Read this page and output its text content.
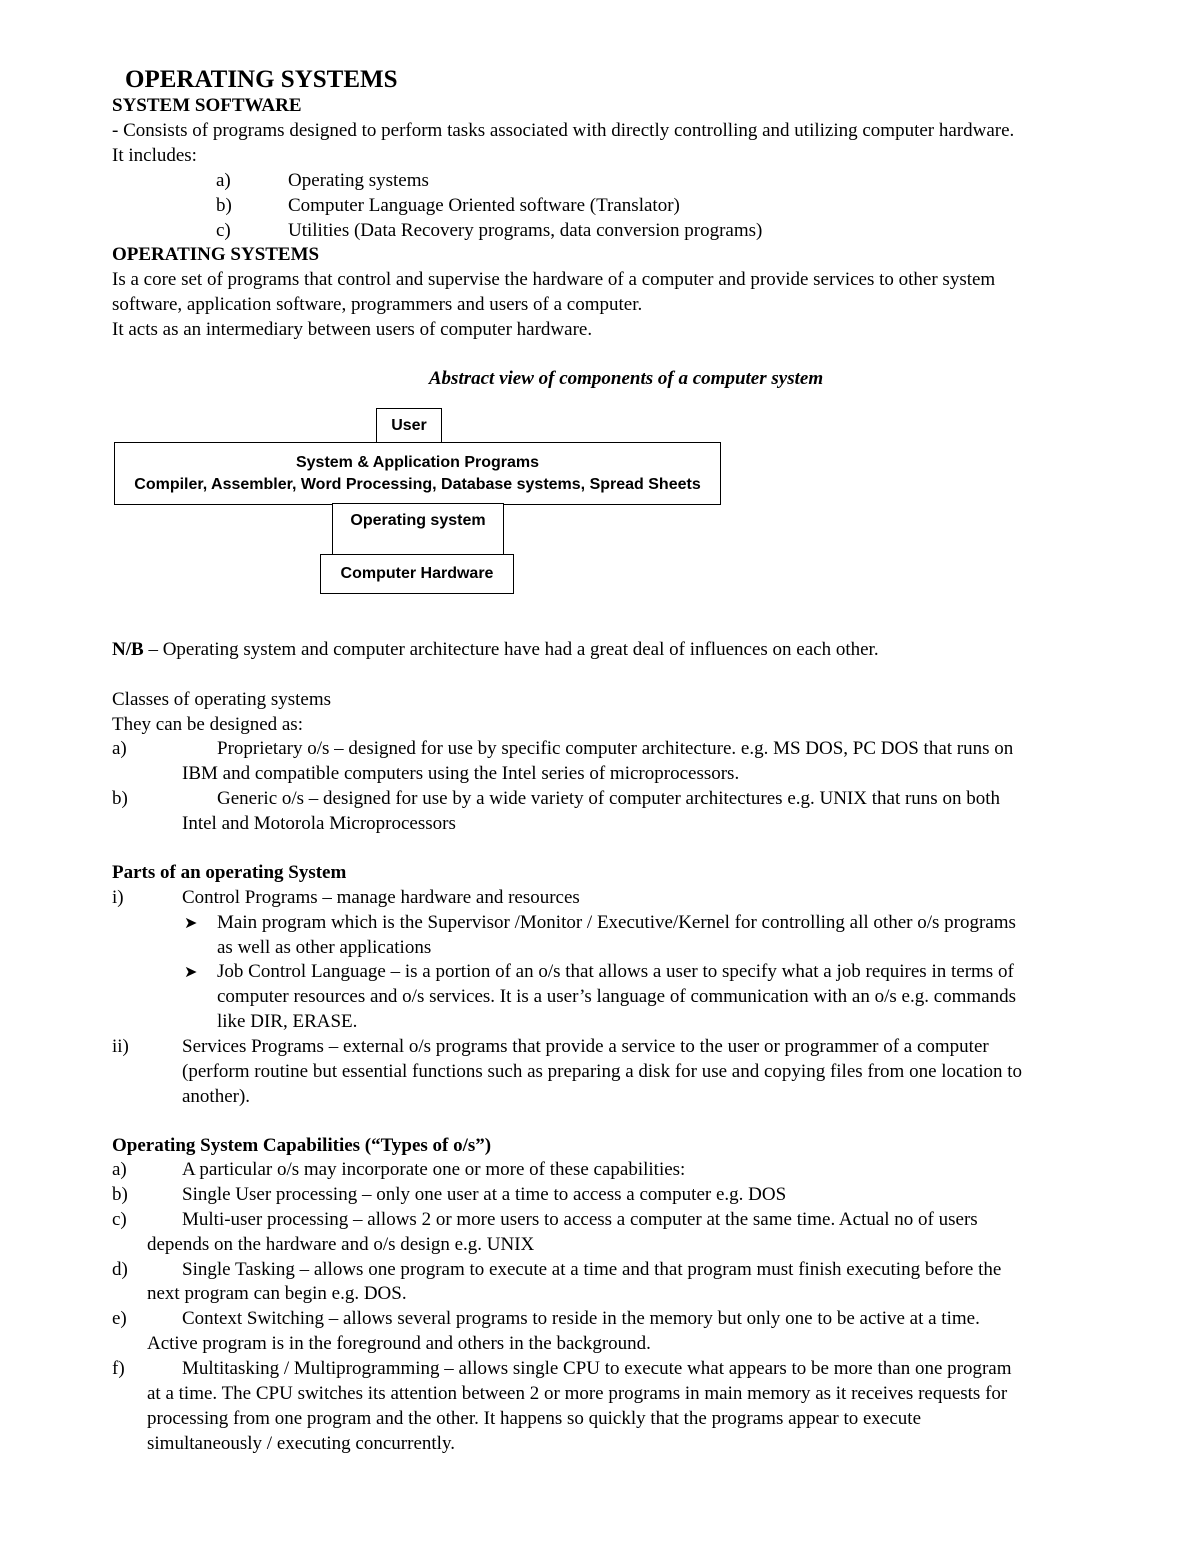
OPERATING SYSTEMS
SYSTEM SOFTWARE
- Consists of programs designed to perform tasks associated with directly controlling and utilizing computer hardware.
It includes:
a)	Operating systems
b)	Computer Language Oriented software (Translator)
c)	Utilities (Data Recovery programs, data conversion programs)
OPERATING SYSTEMS
Is a core set of programs that control and supervise the hardware of a computer and provide services to other system
software, application software, programmers and users of a computer.
It acts as an intermediary between users of computer hardware.
Abstract view of components of a computer system
User
System & Application Programs
Compiler, Assembler, Word Processing, Database systems, Spread Sheets
Operating system
Computer Hardware
N/B – Operating system and computer architecture have had a great deal of influences on each other.
Classes of operating systems
They can be designed as:
a)	Proprietary o/s – designed for use by specific computer architecture. e.g. MS DOS, PC DOS that runs on
IBM and compatible computers using the Intel series of microprocessors.
b)	Generic o/s – designed for use by a wide variety of computer architectures e.g. UNIX that runs on both
Intel and Motorola Microprocessors
Parts of an operating System
i)	Control Programs – manage hardware and resources
➤ Main program which is the Supervisor /Monitor / Executive/Kernel for controlling all other o/s programs
as well as other applications
➤ Job Control Language – is a portion of an o/s that allows a user to specify what a job requires in terms of
computer resources and o/s services. It is a user’s language of communication with an o/s e.g. commands
like DIR, ERASE.
ii)	Services Programs – external o/s programs that provide a service to the user or programmer of a computer
(perform routine but essential functions such as preparing a disk for use and copying files from one location to
another).
Operating System Capabilities (“Types of o/s”)
a)	A particular o/s may incorporate one or more of these capabilities:
b)	Single User processing – only one user at a time to access a computer e.g. DOS
c)	Multi-user processing – allows 2 or more users to access a computer at the same time. Actual no of users
depends on the hardware and o/s design e.g. UNIX
d)	Single Tasking – allows one program to execute at a time and that program must finish executing before the
next program can begin e.g. DOS.
e)	Context Switching – allows several programs to reside in the memory but only one to be active at a time.
Active program is in the foreground and others in the background.
f)	Multitasking / Multiprogramming – allows single CPU to execute what appears to be more than one program
at a time. The CPU switches its attention between 2 or more programs in main memory as it receives requests for
processing from one program and the other. It happens so quickly that the programs appear to execute
simultaneously / executing concurrently.
